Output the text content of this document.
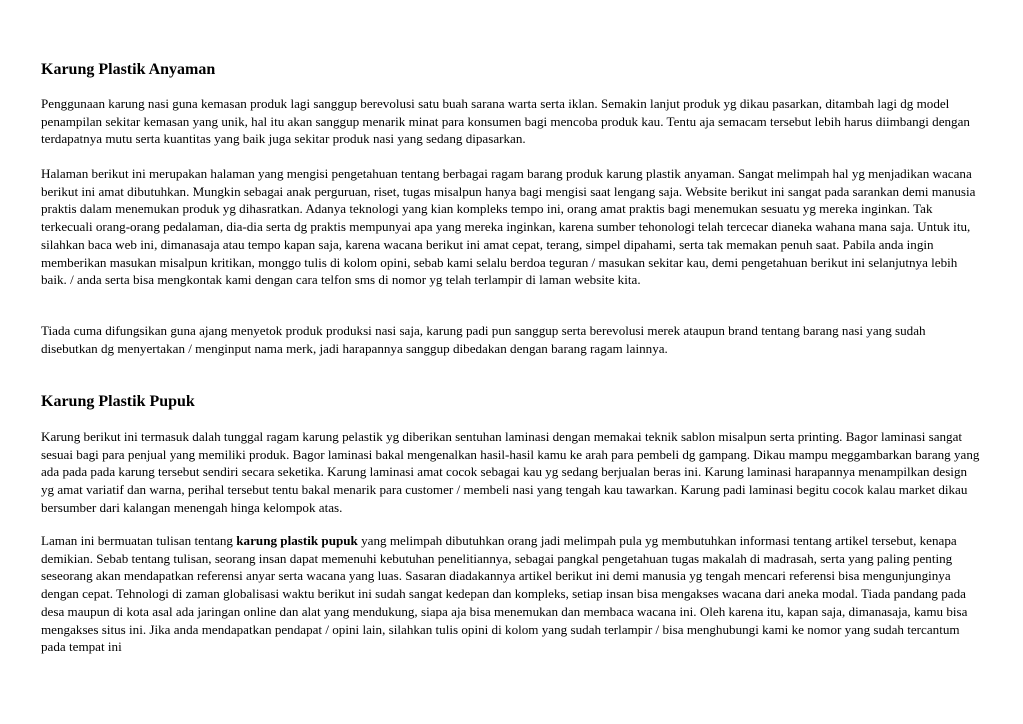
Karung Plastik Anyaman

Penggunaan karung nasi guna kemasan produk lagi sanggup berevolusi satu buah sarana warta serta iklan. Semakin lanjut produk yg dikau pasarkan, ditambah lagi dg model penampilan sekitar kemasan yang unik, hal itu akan sanggup menarik minat para konsumen bagi mencoba produk kau. Tentu aja semacam tersebut lebih harus diimbangi dengan terdapatnya mutu serta kuantitas yang baik juga sekitar produk nasi yang sedang dipasarkan.

Halaman berikut ini merupakan halaman yang mengisi pengetahuan tentang berbagai ragam barang produk karung plastik anyaman. Sangat melimpah hal yg menjadikan wacana berikut ini amat dibutuhkan. Mungkin sebagai anak perguruan, riset, tugas misalpun hanya bagi mengisi saat lengang saja. Website berikut ini sangat pada sarankan demi manusia praktis dalam menemukan produk yg dihasratkan. Adanya teknologi yang kian kompleks tempo ini, orang amat praktis bagi menemukan sesuatu yg mereka inginkan. Tak terkecuali orang-orang pedalaman, dia-dia serta dg praktis mempunyai apa yang mereka inginkan, karena sumber tehonologi telah tercecar dianeka wahana mana saja. Untuk itu, silahkan baca web ini, dimanasaja atau tempo kapan saja, karena wacana berikut ini amat cepat, terang, simpel dipahami, serta tak memakan penuh saat. Pabila anda ingin memberikan masukan misalpun kritikan, monggo tulis di kolom opini, sebab kami selalu berdoa teguran / masukan sekitar kau, demi pengetahuan berikut ini selanjutnya lebih baik. / anda serta bisa mengkontak kami dengan cara telfon sms di nomor yg telah terlampir di laman website kita.

Tiada cuma difungsikan guna ajang menyetok produk produksi nasi saja, karung padi pun sanggup serta berevolusi merek ataupun brand tentang barang nasi yang sudah disebutkan dg menyertakan / menginput nama merk, jadi harapannya sanggup dibedakan dengan barang ragam lainnya.

Karung Plastik Pupuk

Karung berikut ini termasuk dalah tunggal ragam karung pelastik yg diberikan sentuhan laminasi dengan memakai teknik sablon misalpun serta printing. Bagor laminasi sangat sesuai bagi para penjual yang memiliki produk. Bagor laminasi bakal mengenalkan hasil-hasil kamu ke arah para pembeli dg gampang. Dikau mampu meggambarkan barang yang ada pada pada karung tersebut sendiri secara seketika. Karung laminasi amat cocok sebagai kau yg sedang berjualan beras ini. Karung laminasi harapannya menampilkan design yg amat variatif dan warna, perihal tersebut tentu bakal menarik para customer / membeli nasi yang tengah kau tawarkan. Karung padi laminasi begitu cocok kalau market dikau bersumber dari kalangan menengah hinga kelompok atas.

Laman ini bermuatan tulisan tentang karung plastik pupuk yang melimpah dibutuhkan orang jadi melimpah pula yg membutuhkan informasi tentang artikel tersebut, kenapa demikian. Sebab tentang tulisan, seorang insan dapat memenuhi kebutuhan penelitiannya, sebagai pangkal pengetahuan tugas makalah di madrasah, serta yang paling penting seseorang akan mendapatkan referensi anyar serta wacana yang luas. Sasaran diadakannya artikel berikut ini demi manusia yg tengah mencari referensi bisa mengunjunginya dengan cepat. Tehnologi di zaman globalisasi waktu berikut ini sudah sangat kedepan dan kompleks, setiap insan bisa mengakses wacana dari aneka modal. Tiada pandang pada desa maupun di kota asal ada jaringan online dan alat yang mendukung, siapa aja bisa menemukan dan membaca wacana ini. Oleh karena itu, kapan saja, dimanasaja, kamu bisa mengakses situs ini. Jika anda mendapatkan pendapat / opini lain, silahkan tulis opini di kolom yang sudah terlampir / bisa menghubungi kami ke nomor yang sudah tercantum pada tempat ini
